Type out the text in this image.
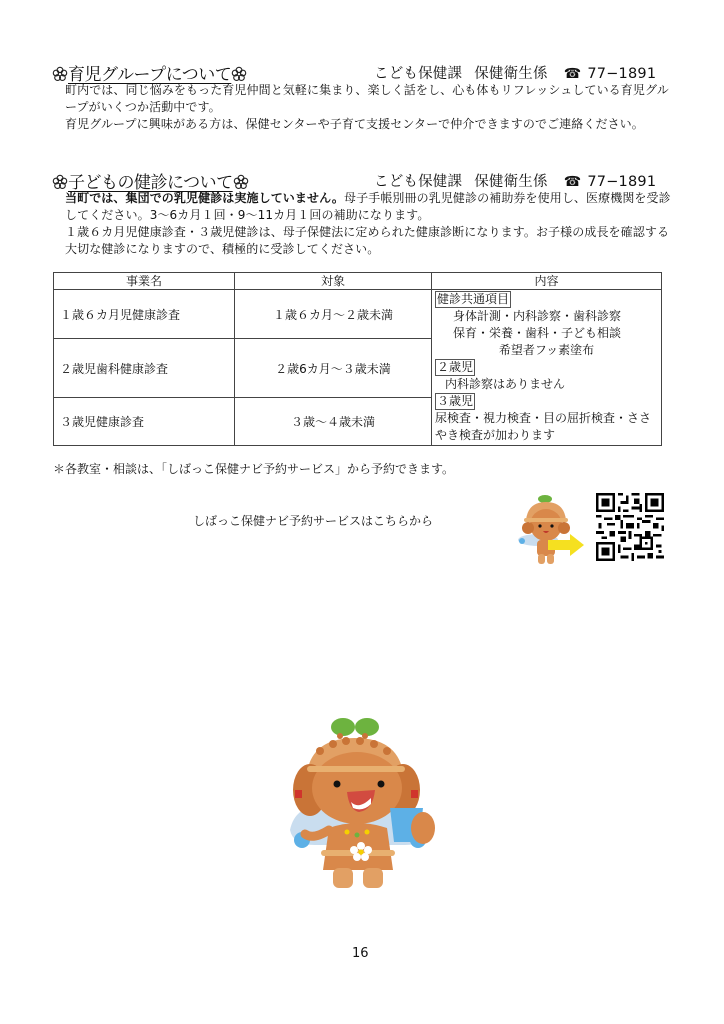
育児グループについて	こども保健課 保健衛生係 ☎ 77−1891

町内では、同じ悩みをもった育児仲間と気軽に集まり、楽しく話をし、心も体もリフレッシュしている育児グループがいくつか活動中です。

育児グループに興味がある方は、保健センターや子育て支援センターで仲介できますのでご連絡ください。

子どもの健診について	こども保健課 保健衛生係 ☎ 77−1891

当町では、集団での乳児健診は実施していません。母子手帳別冊の乳児健診の補助券を使用し、医療機関を受診してください。3〜6カ月１回・9〜11カ月１回の補助になります。

１歳６カ月児健康診査・３歳児健診は、母子保健法に定められた健康診断になります。お子様の成長を確認する大切な健診になりますので、積極的に受診してください。

事業名	対象	内容
１歳６カ月児健康診査	１歳６カ月〜２歳未満	
健診共通項目
身体計測・内科診察・歯科診察
保育・栄養・歯科・子ども相談
希望者フッ素塗布
２歳児
内科診察はありません
３歳児
尿検査・視力検査・目の屈折検査・ささやき検査が加わります

２歳児歯科健康診査	２歳6カ月〜３歳未満	
３歳児健康診査	３歳〜４歳未満	
＊各教室・相談は、「しばっこ保健ナビ予約サービス」から予約できます。
しばっこ保健ナビ予約サービスはこちらから
16
